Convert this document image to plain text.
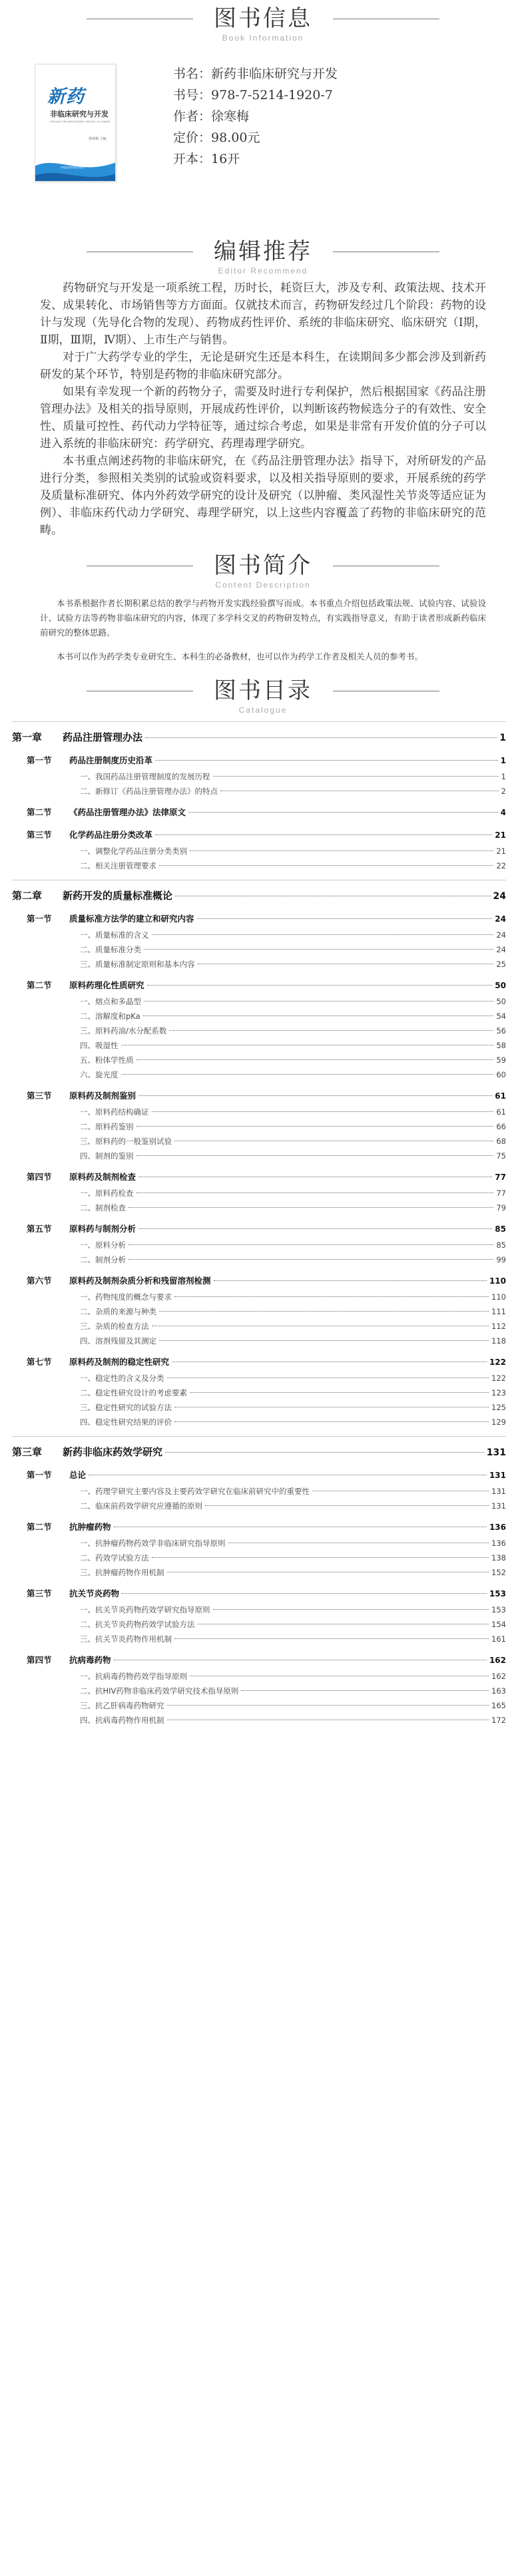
图书信息
Book Information
新药
非临床研究与开发
XINYAO FEILINCHUANG YANJIU YU KAIFA
徐寒梅 主编
中国医药科技出版社
书名：新药非临床研究与开发
书号：978-7-5214-1920-7
作者：徐寒梅
定价：98.00元
开本：16开
编辑推荐
Editor Recommend

药物研究与开发是一项系统工程，历时长，耗资巨大，涉及专利、政策法规、技术开发、成果转化、市场销售等方方面面。仅就技术而言，药物研发经过几个阶段：药物的设计与发现（先导化合物的发现）、药物成药性评价、系统的非临床研究、临床研究（Ⅰ期，Ⅱ期，Ⅲ期，Ⅳ期）、上市生产与销售。

对于广大药学专业的学生，无论是研究生还是本科生，在读期间多少都会涉及到新药研发的某个环节，特别是药物的非临床研究部分。

如果有幸发现一个新的药物分子，需要及时进行专利保护，然后根据国家《药品注册管理办法》及相关的指导原则，开展成药性评价，以判断该药物候选分子的有效性、安全性、质量可控性、药代动力学特征等，通过综合考虑，如果是非常有开发价值的分子可以进入系统的非临床研究：药学研究、药理毒理学研究。

本书重点阐述药物的非临床研究，在《药品注册管理办法》指导下，对所研发的产品进行分类，参照相关类别的试验或资料要求，以及相关指导原则的要求，开展系统的药学及质量标准研究、体内外药效学研究的设计及研究（以肿瘤、类风湿性关节炎等适应证为例）、非临床药代动力学研究、毒理学研究，以上这些内容覆盖了药物的非临床研究的范畴。

图书简介
Content Description

本书系根据作者长期积累总结的教学与药物开发实践经验撰写而成。本书重点介绍包括政策法规、试验内容、试验设计、试验方法等药物非临床研究的内容，体现了多学科交叉的药物研发特点，有实践指导意义，有助于读者形成新药临床前研究的整体思路。

本书可以作为药学类专业研究生、本科生的必备教材，也可以作为药学工作者及相关人员的参考书。

图书目录
Catalogue
第一章	药品注册管理办法	1
第一节	药品注册制度历史沿革	1
一、我国药品注册管理制度的发展历程	1
二、新修订《药品注册管理办法》的特点	2
第二节	《药品注册管理办法》法律原文	4
第三节	化学药品注册分类改革	21
一、调整化学药品注册分类类别	21
二、相关注册管理要求	22
第二章	新药开发的质量标准概论	24
第一节	质量标准方法学的建立和研究内容	24
一、质量标准的含义	24
二、质量标准分类	24
三、质量标准制定原则和基本内容	25
第二节	原料药理化性质研究	50
一、熔点和多晶型	50
二、溶解度和pKa	54
三、原料药油/水分配系数	56
四、吸湿性	58
五、粉体学性质	59
六、旋光度	60
第三节	原料药及制剂鉴别	61
一、原料药结构确证	61
二、原料药鉴别	66
三、原料药的一般鉴别试验	68
四、制剂的鉴别	75
第四节	原料药及制剂检查	77
一、原料药检查	77
二、制剂检查	79
第五节	原料药与制剂分析	85
一、原料分析	85
二、制剂分析	99
第六节	原料药及制剂杂质分析和残留溶剂检测	110
一、药物纯度的概念与要求	110
二、杂质的来源与种类	111
三、杂质的检查方法	112
四、溶剂残留及其测定	118
第七节	原料药及制剂的稳定性研究	122
一、稳定性的含义及分类	122
二、稳定性研究设计的考虑要素	123
三、稳定性研究的试验方法	125
四、稳定性研究结果的评价	129
第三章	新药非临床药效学研究	131
第一节	总论	131
一、药理学研究主要内容及主要药效学研究在临床前研究中的重要性	131
二、临床前药效学研究应遵循的原则	131
第二节	抗肿瘤药物	136
一、抗肿瘤药物药效学非临床研究指导原则	136
二、药效学试验方法	138
三、抗肿瘤药物作用机制	152
第三节	抗关节炎药物	153
一、抗关节炎药物药效学研究指导原则	153
二、抗关节炎药物药效学试验方法	154
三、抗关节炎药物作用机制	161
第四节	抗病毒药物	162
一、抗病毒药物药效学指导原则	162
二、抗HIV药物非临床药效学研究技术指导原则	163
三、抗乙肝病毒药物研究	165
四、抗病毒药物作用机制	172
